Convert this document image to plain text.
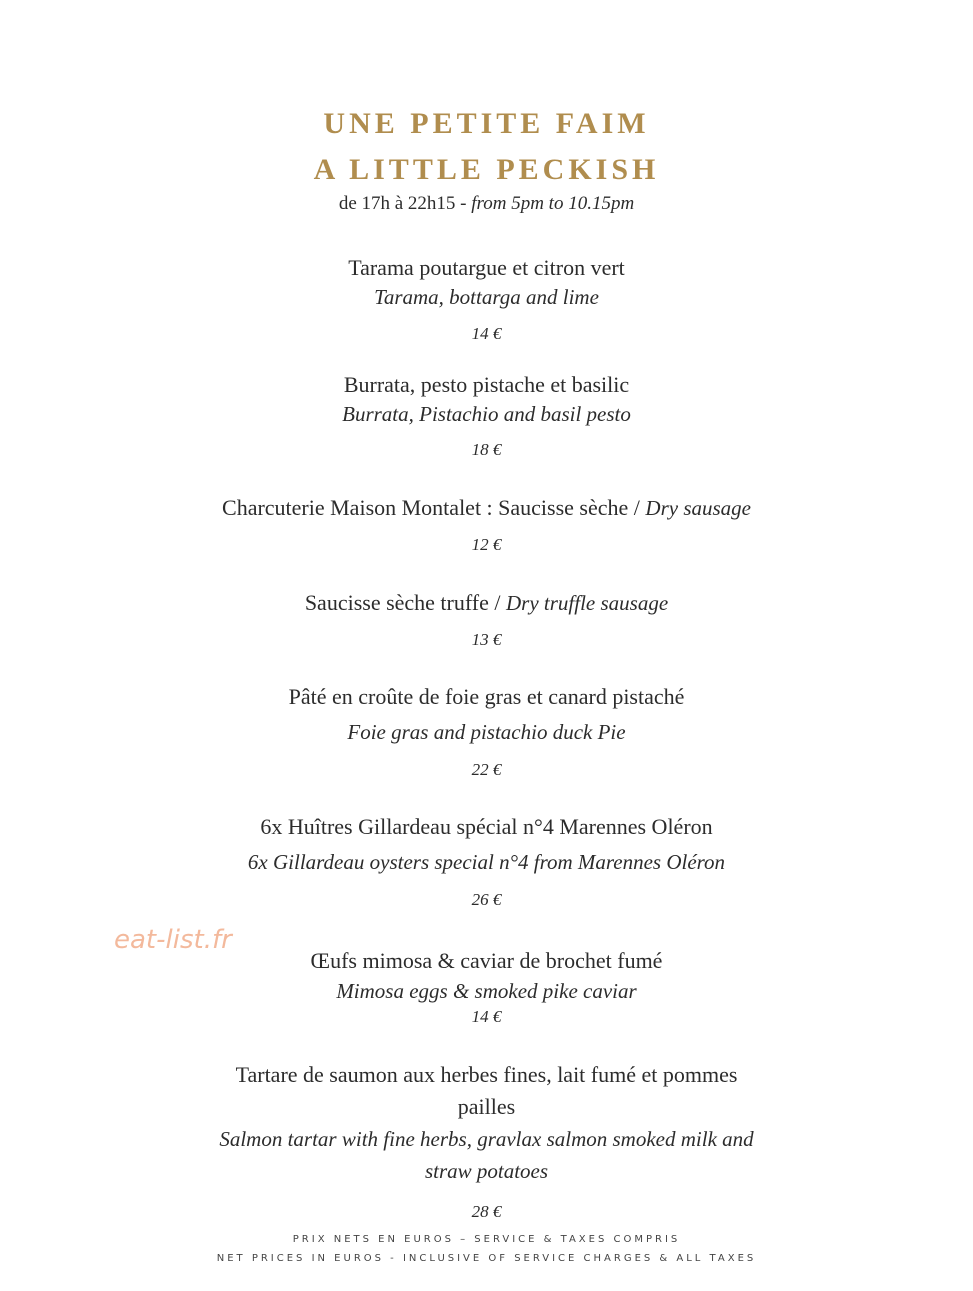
UNE PETITE FAIM
A LITTLE PECKISH
de 17h à 22h15 - from 5pm to 10.15pm
Tarama poutargue et citron vert
Tarama, bottarga and lime
14 €
Burrata, pesto pistache et basilic
Burrata, Pistachio and basil pesto
18 €
Charcuterie Maison Montalet : Saucisse sèche / Dry sausage
12 €
Saucisse sèche truffe / Dry truffle sausage
13 €
Pâté en croûte de foie gras et canard pistaché
Foie gras and pistachio duck Pie
22 €
6x Huîtres Gillardeau spécial n°4 Marennes Oléron
6x Gillardeau oysters special n°4 from Marennes Oléron
26 €
eat-list.fr
Œufs mimosa & caviar de brochet fumé
Mimosa eggs & smoked pike caviar
14 €
Tartare de saumon aux herbes fines, lait fumé et pommes
pailles
Salmon tartar with fine herbs, gravlax salmon smoked milk and
straw potatoes
28 €
PRIX NETS EN EUROS – SERVICE & TAXES COMPRIS
NET PRICES IN EUROS - INCLUSIVE OF SERVICE CHARGES & ALL TAXES
